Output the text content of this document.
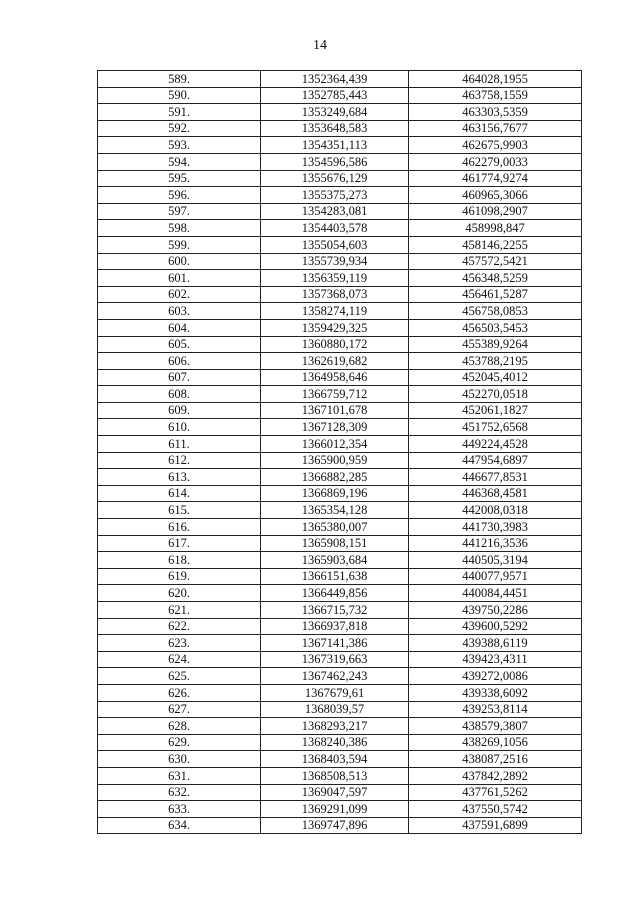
14
589.	1352364,439	464028,1955
590.	1352785,443	463758,1559
591.	1353249,684	463303,5359
592.	1353648,583	463156,7677
593.	1354351,113	462675,9903
594.	1354596,586	462279,0033
595.	1355676,129	461774,9274
596.	1355375,273	460965,3066
597.	1354283,081	461098,2907
598.	1354403,578	458998,847
599.	1355054,603	458146,2255
600.	1355739,934	457572,5421
601.	1356359,119	456348,5259
602.	1357368,073	456461,5287
603.	1358274,119	456758,0853
604.	1359429,325	456503,5453
605.	1360880,172	455389,9264
606.	1362619,682	453788,2195
607.	1364958,646	452045,4012
608.	1366759,712	452270,0518
609.	1367101,678	452061,1827
610.	1367128,309	451752,6568
611.	1366012,354	449224,4528
612.	1365900,959	447954,6897
613.	1366882,285	446677,8531
614.	1366869,196	446368,4581
615.	1365354,128	442008,0318
616.	1365380,007	441730,3983
617.	1365908,151	441216,3536
618.	1365903,684	440505,3194
619.	1366151,638	440077,9571
620.	1366449,856	440084,4451
621.	1366715,732	439750,2286
622.	1366937,818	439600,5292
623.	1367141,386	439388,6119
624.	1367319,663	439423,4311
625.	1367462,243	439272,0086
626.	1367679,61	439338,6092
627.	1368039,57	439253,8114
628.	1368293,217	438579,3807
629.	1368240,386	438269,1056
630.	1368403,594	438087,2516
631.	1368508,513	437842,2892
632.	1369047,597	437761,5262
633.	1369291,099	437550,5742
634.	1369747,896	437591,6899
